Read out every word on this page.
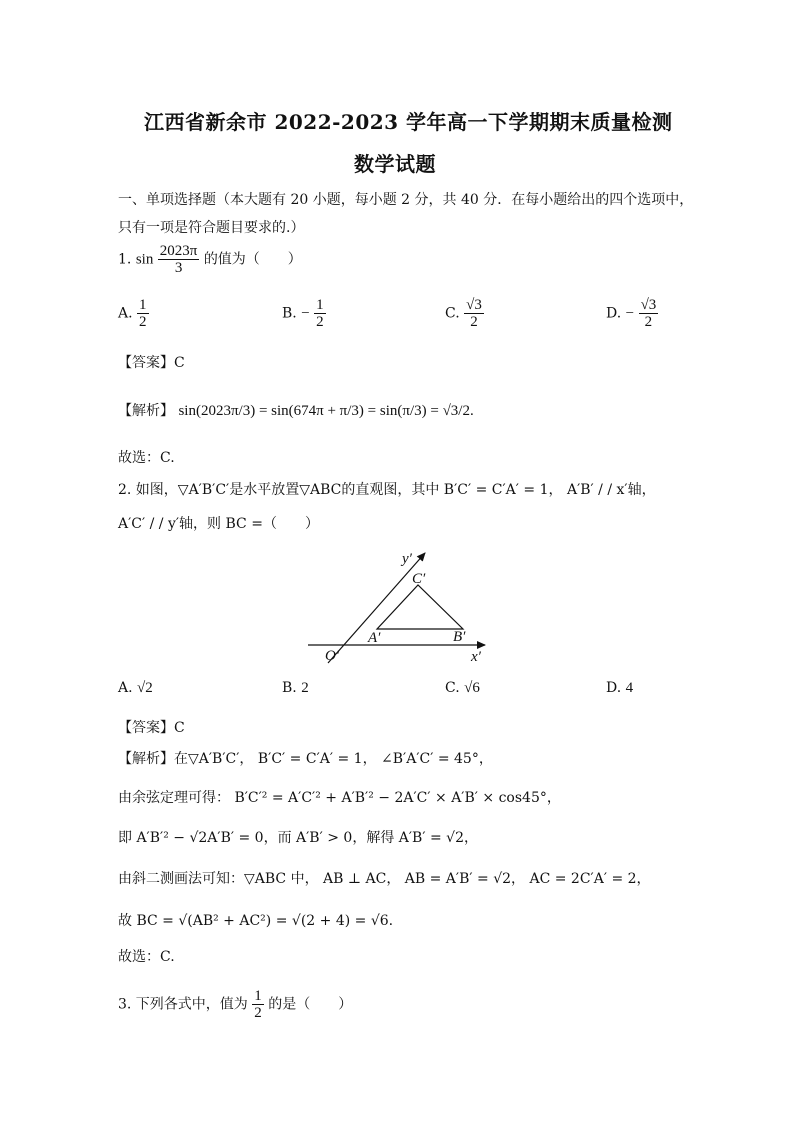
江西省新余市 2022-2023 学年高一下学期期末质量检测
数学试题
一、单项选择题（本大题有 20 小题，每小题 2 分，共 40 分．在每小题给出的四个选项中，
只有一项是符合题目要求的.）
1. $\sin \frac{2023\pi}{3}$ 的值为（　　）
A. $\frac{1}{2}$	B. − $\frac{1}{2}$	C. $\frac{√3}{2}$	D. − $\frac{√3}{2}$
【答案】C
【解析】 sin(2023π/3) = sin(674π + π/3) = sin(π/3) = √3/2.
故选：C.
2. 如图，▽A′B′C′是水平放置▽ABC的直观图，其中 B′C′ = C′A′ = 1， A′B′ / / x′轴，
A′C′ / / y′轴，则 BC =（　　）
y′
x′
O′
C′
A′	B′
A. √2	B. 2	C. √6	D. 4
【答案】C
【解析】在▽A′B′C′， B′C′ = C′A′ = 1， ∠B′A′C′ = 45°，
由余弦定理可得： B′C′² = A′C′² + A′B′² − 2A′C′ × A′B′ × cos45°，
即 A′B′² − √2A′B′ = 0，而 A′B′ > 0，解得 A′B′ = √2，
由斜二测画法可知：▽ABC 中， AB ⊥ AC， AB = A′B′ = √2， AC = 2C′A′ = 2，
故 BC = √(AB² + AC²) = √(2 + 4) = √6.
故选：C.
3. 下列各式中，值为 $\frac{1}{2}$ 的是（　　）
